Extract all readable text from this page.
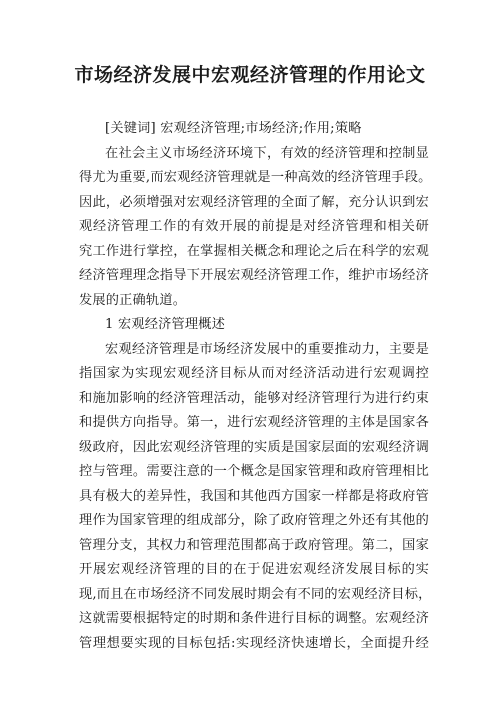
市场经济发展中宏观经济管理的作用论文
[关键词] 宏观经济管理;市场经济;作用;策略
在社会主义市场经济环境下，有效的经济管理和控制显
得尤为重要,而宏观经济管理就是一种高效的经济管理手段。
因此，必须增强对宏观经济管理的全面了解，充分认识到宏
观经济管理工作的有效开展的前提是对经济管理和相关研
究工作进行掌控，在掌握相关概念和理论之后在科学的宏观
经济管理理念指导下开展宏观经济管理工作，维护市场经济
发展的正确轨道。
1 宏观经济管理概述
宏观经济管理是市场经济发展中的重要推动力，主要是
指国家为实现宏观经济目标从而对经济活动进行宏观调控
和施加影响的经济管理活动，能够对经济管理行为进行约束
和提供方向指导。第一，进行宏观经济管理的主体是国家各
级政府，因此宏观经济管理的实质是国家层面的宏观经济调
控与管理。需要注意的一个概念是国家管理和政府管理相比
具有极大的差异性，我国和其他西方国家一样都是将政府管
理作为国家管理的组成部分，除了政府管理之外还有其他的
管理分支，其权力和管理范围都高于政府管理。第二，国家
开展宏观经济管理的目的在于促进宏观经济发展目标的实
现,而且在市场经济不同发展时期会有不同的宏观经济目标，
这就需要根据特定的时期和条件进行目标的调整。宏观经济
管理想要实现的目标包括:实现经济快速增长，全面提升经
